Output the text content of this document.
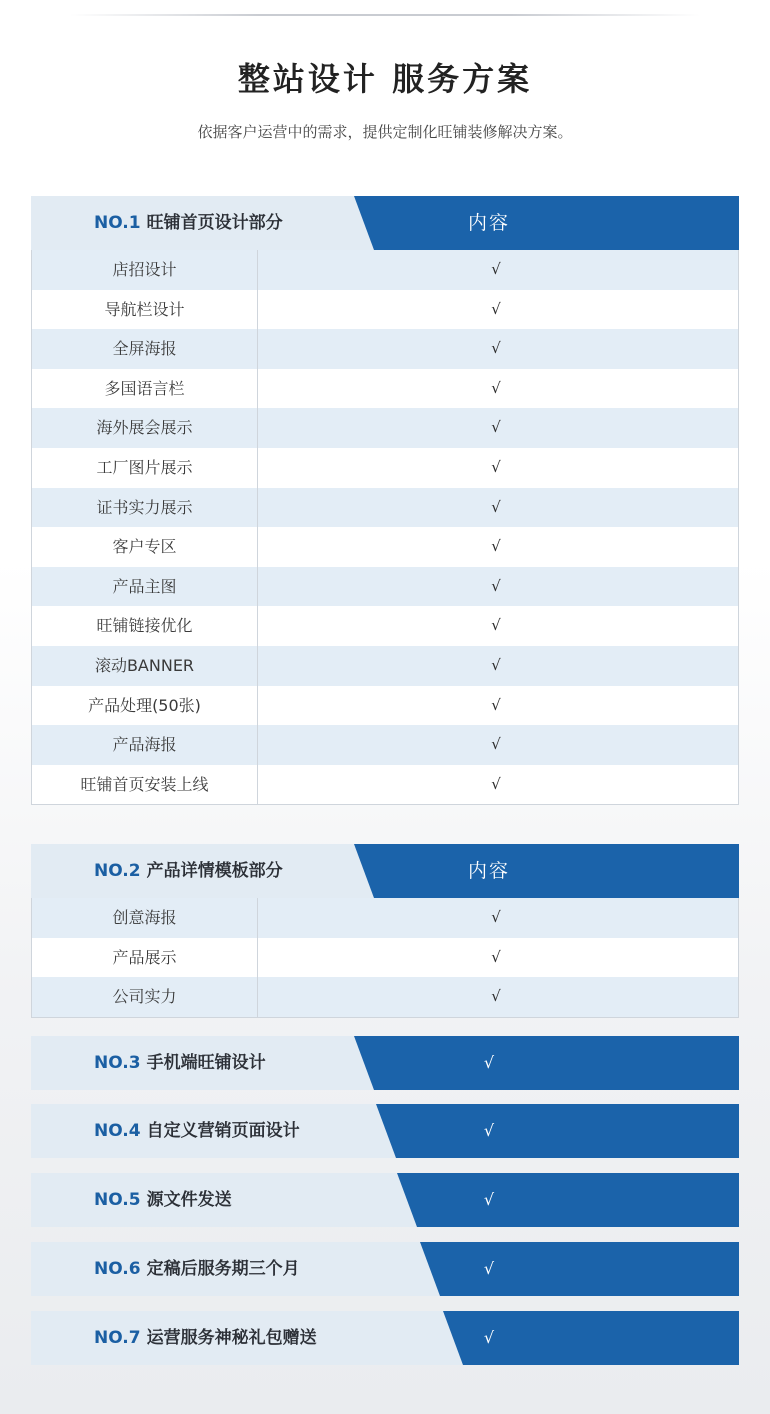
整站设计 服务方案
依据客户运营中的需求，提供定制化旺铺装修解决方案。
NO.1 旺铺首页设计部分	内容
店招设计	√
导航栏设计	√
全屏海报	√
多国语言栏	√
海外展会展示	√
工厂图片展示	√
证书实力展示	√
客户专区	√
产品主图	√
旺铺链接优化	√
滚动BANNER	√
产品处理(50张)	√
产品海报	√
旺铺首页安装上线	√
NO.2 产品详情模板部分	内容
创意海报	√
产品展示	√
公司实力	√
NO.3 手机端旺铺设计	√
NO.4 自定义营销页面设计	√
NO.5 源文件发送	√
NO.6 定稿后服务期三个月	√
NO.7 运营服务神秘礼包赠送	√
